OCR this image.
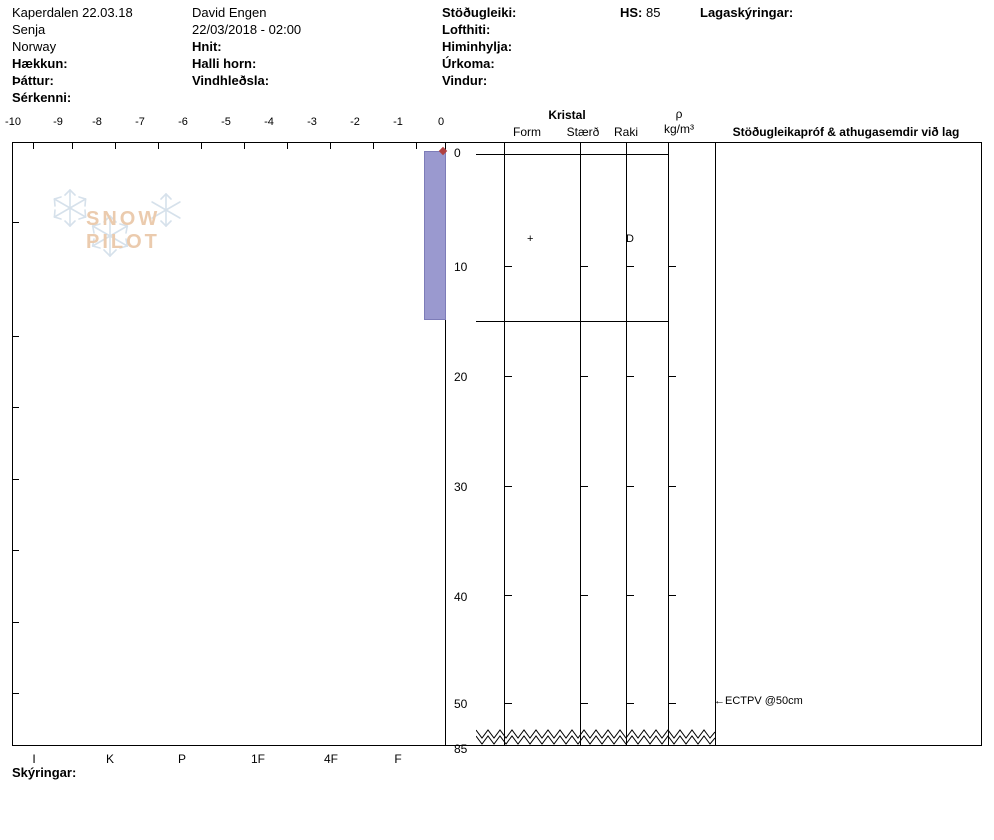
Kaperdalen 22.03.18
Senja
Norway
Hækkun:
Þáttur:
Sérkenni:
David Engen
22/03/2018 - 02:00
Hnit:
Halli horn:
Vindhleðsla:
Stöðugleiki:
Lofthiti:
Himinhylja:
Úrkoma:
Vindur:
HS: 85	Lagaskýringar:
-10	-9	-8	-7	-6	-5	-4	-3	-2	-1	0
0
10
20
30
40
50
85
Kristal
Form	Stærð	Raki
ρ
kg/m³	Stöðugleikapróf & athugasemdir við lag
+	D
←ECTPV @50cm
I	K	P	1F	4F	F
Skýringar:
SNOW PILOT
